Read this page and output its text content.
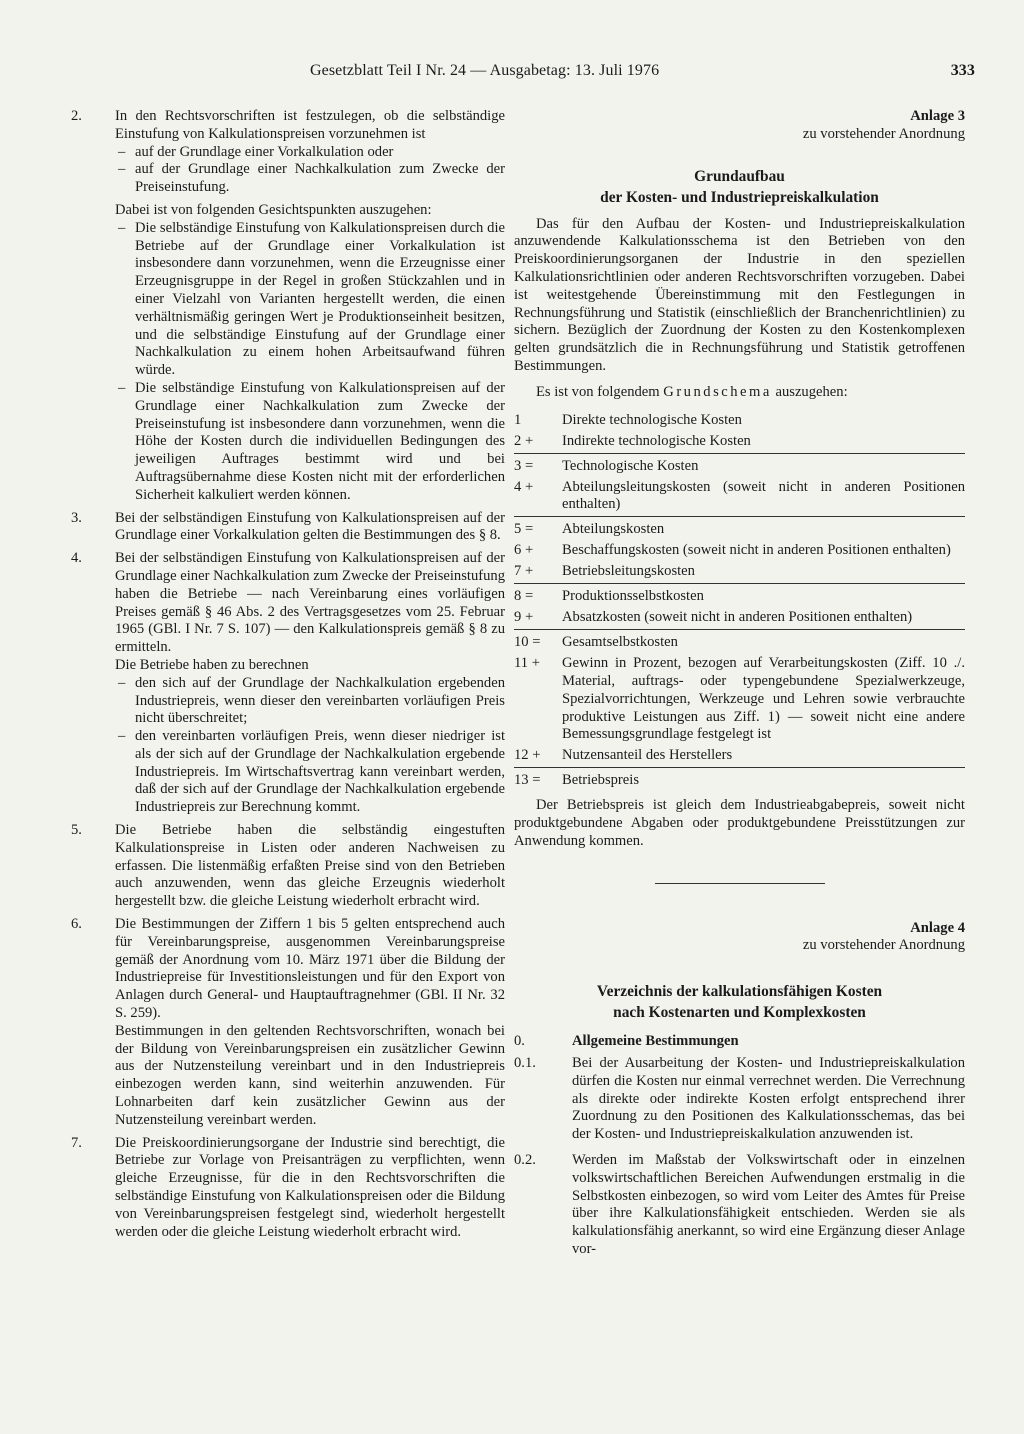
Gesetzblatt Teil I Nr. 24 — Ausgabetag: 13. Juli 1976	333
2.	In den Rechtsvorschriften ist festzulegen, ob die selbständige Einstufung von Kalkulationspreisen vorzunehmen ist

– auf der Grundlage einer Vorkalkulation oder

– auf der Grundlage einer Nachkalkulation zum Zwecke der Preiseinstufung.

Dabei ist von folgenden Gesichtspunkten auszugehen:

– Die selbständige Einstufung von Kalkulationspreisen durch die Betriebe auf der Grundlage einer Vorkalkulation ist insbesondere dann vorzunehmen, wenn die Erzeugnisse einer Erzeugnisgruppe in der Regel in großen Stückzahlen und in einer Vielzahl von Varianten hergestellt werden, die einen verhältnismäßig geringen Wert je Produktionseinheit besitzen, und die selbständige Einstufung auf der Grundlage einer Nachkalkulation zu einem hohen Arbeitsaufwand führen würde.

– Die selbständige Einstufung von Kalkulationspreisen auf der Grundlage einer Nachkalkulation zum Zwecke der Preiseinstufung ist insbesondere dann vorzunehmen, wenn die Höhe der Kosten durch die individuellen Bedingungen des jeweiligen Auftrages bestimmt wird und bei Auftragsübernahme diese Kosten nicht mit der erforderlichen Sicherheit kalkuliert werden können.

3.	Bei der selbständigen Einstufung von Kalkulationspreisen auf der Grundlage einer Vorkalkulation gelten die Bestimmungen des § 8.

4.	Bei der selbständigen Einstufung von Kalkulationspreisen auf der Grundlage einer Nachkalkulation zum Zwecke der Preiseinstufung haben die Betriebe — nach Vereinbarung eines vorläufigen Preises gemäß § 46 Abs. 2 des Vertragsgesetzes vom 25. Februar 1965 (GBl. I Nr. 7 S. 107) — den Kalkulationspreis gemäß § 8 zu ermitteln.

Die Betriebe haben zu berechnen

– den sich auf der Grundlage der Nachkalkulation ergebenden Industriepreis, wenn dieser den vereinbarten vorläufigen Preis nicht überschreitet;

– den vereinbarten vorläufigen Preis, wenn dieser niedriger ist als der sich auf der Grundlage der Nachkalkulation ergebende Industriepreis. Im Wirtschaftsvertrag kann vereinbart werden, daß der sich auf der Grundlage der Nachkalkulation ergebende Industriepreis zur Berechnung kommt.

5.	Die Betriebe haben die selbständig eingestuften Kalkulationspreise in Listen oder anderen Nachweisen zu erfassen. Die listenmäßig erfaßten Preise sind von den Betrieben auch anzuwenden, wenn das gleiche Erzeugnis wiederholt hergestellt bzw. die gleiche Leistung wiederholt erbracht wird.

6.	Die Bestimmungen der Ziffern 1 bis 5 gelten entsprechend auch für Vereinbarungspreise, ausgenommen Vereinbarungspreise gemäß der Anordnung vom 10. März 1971 über die Bildung der Industriepreise für Investitionsleistungen und für den Export von Anlagen durch General- und Hauptauftragnehmer (GBl. II Nr. 32 S. 259).

Bestimmungen in den geltenden Rechtsvorschriften, wonach bei der Bildung von Vereinbarungspreisen ein zusätzlicher Gewinn aus der Nutzensteilung vereinbart und in den Industriepreis einbezogen werden kann, sind weiterhin anzuwenden. Für Lohnarbeiten darf kein zusätzlicher Gewinn aus der Nutzensteilung vereinbart werden.

7.	Die Preiskoordinierungsorgane der Industrie sind berechtigt, die Betriebe zur Vorlage von Preisanträgen zu verpflichten, wenn gleiche Erzeugnisse, für die in den Rechtsvorschriften die selbständige Einstufung von Kalkulationspreisen oder die Bildung von Vereinbarungspreisen festgelegt sind, wiederholt hergestellt werden oder die gleiche Leistung wiederholt erbracht wird.

Anlage 3
zu vorstehender Anordnung
Grundaufbau
der Kosten- und Industriepreiskalkulation

Das für den Aufbau der Kosten- und Industriepreiskalkulation anzuwendende Kalkulationsschema ist den Betrieben von den Preiskoordinierungsorganen der Industrie in den speziellen Kalkulationsrichtlinien oder anderen Rechtsvorschriften vorzugeben. Dabei ist weitestgehende Übereinstimmung mit den Festlegungen in Rechnungsführung und Statistik (einschließlich der Branchenrichtlinien) zu sichern. Bezüglich der Zuordnung der Kosten zu den Kostenkomplexen gelten grundsätzlich die in Rechnungsführung und Statistik getroffenen Bestimmungen.

Es ist von folgendem Grundschema auszugehen:

1	Direkte technologische Kosten
2 +	Indirekte technologische Kosten
3 =	Technologische Kosten
4 +	Abteilungsleitungskosten (soweit nicht in anderen Positionen enthalten)
5 =	Abteilungskosten
6 +	Beschaffungskosten (soweit nicht in anderen Positionen enthalten)
7 +	Betriebsleitungskosten
8 =	Produktionsselbstkosten
9 +	Absatzkosten (soweit nicht in anderen Positionen enthalten)
10 =	Gesamtselbstkosten
11 +	Gewinn in Prozent, bezogen auf Verarbeitungskosten (Ziff. 10 ./. Material, auftrags- oder typengebundene Spezialwerkzeuge, Spezialvorrichtungen, Werkzeuge und Lehren sowie verbrauchte produktive Leistungen aus Ziff. 1) — soweit nicht eine andere Bemessungsgrundlage festgelegt ist
12 +	Nutzensanteil des Herstellers
13 =	Betriebspreis

Der Betriebspreis ist gleich dem Industrieabgabepreis, soweit nicht produktgebundene Abgaben oder produktgebundene Preisstützungen zur Anwendung kommen.

Anlage 4
zu vorstehender Anordnung
Verzeichnis der kalkulationsfähigen Kosten
nach Kostenarten und Komplexkosten
0.	Allgemeine Bestimmungen
0.1. Bei der Ausarbeitung der Kosten- und Industriepreiskalkulation dürfen die Kosten nur einmal verrechnet werden. Die Verrechnung als direkte oder indirekte Kosten erfolgt entsprechend ihrer Zuordnung zu den Positionen des Kalkulationsschemas, das bei der Kosten- und Industriepreiskalkulation anzuwenden ist.

0.2. Werden im Maßstab der Volkswirtschaft oder in einzelnen volkswirtschaftlichen Bereichen Aufwendungen erstmalig in die Selbstkosten einbezogen, so wird vom Leiter des Amtes für Preise über ihre Kalkulationsfähigkeit entschieden. Werden sie als kalkulationsfähig anerkannt, so wird eine Ergänzung dieser Anlage vor-
